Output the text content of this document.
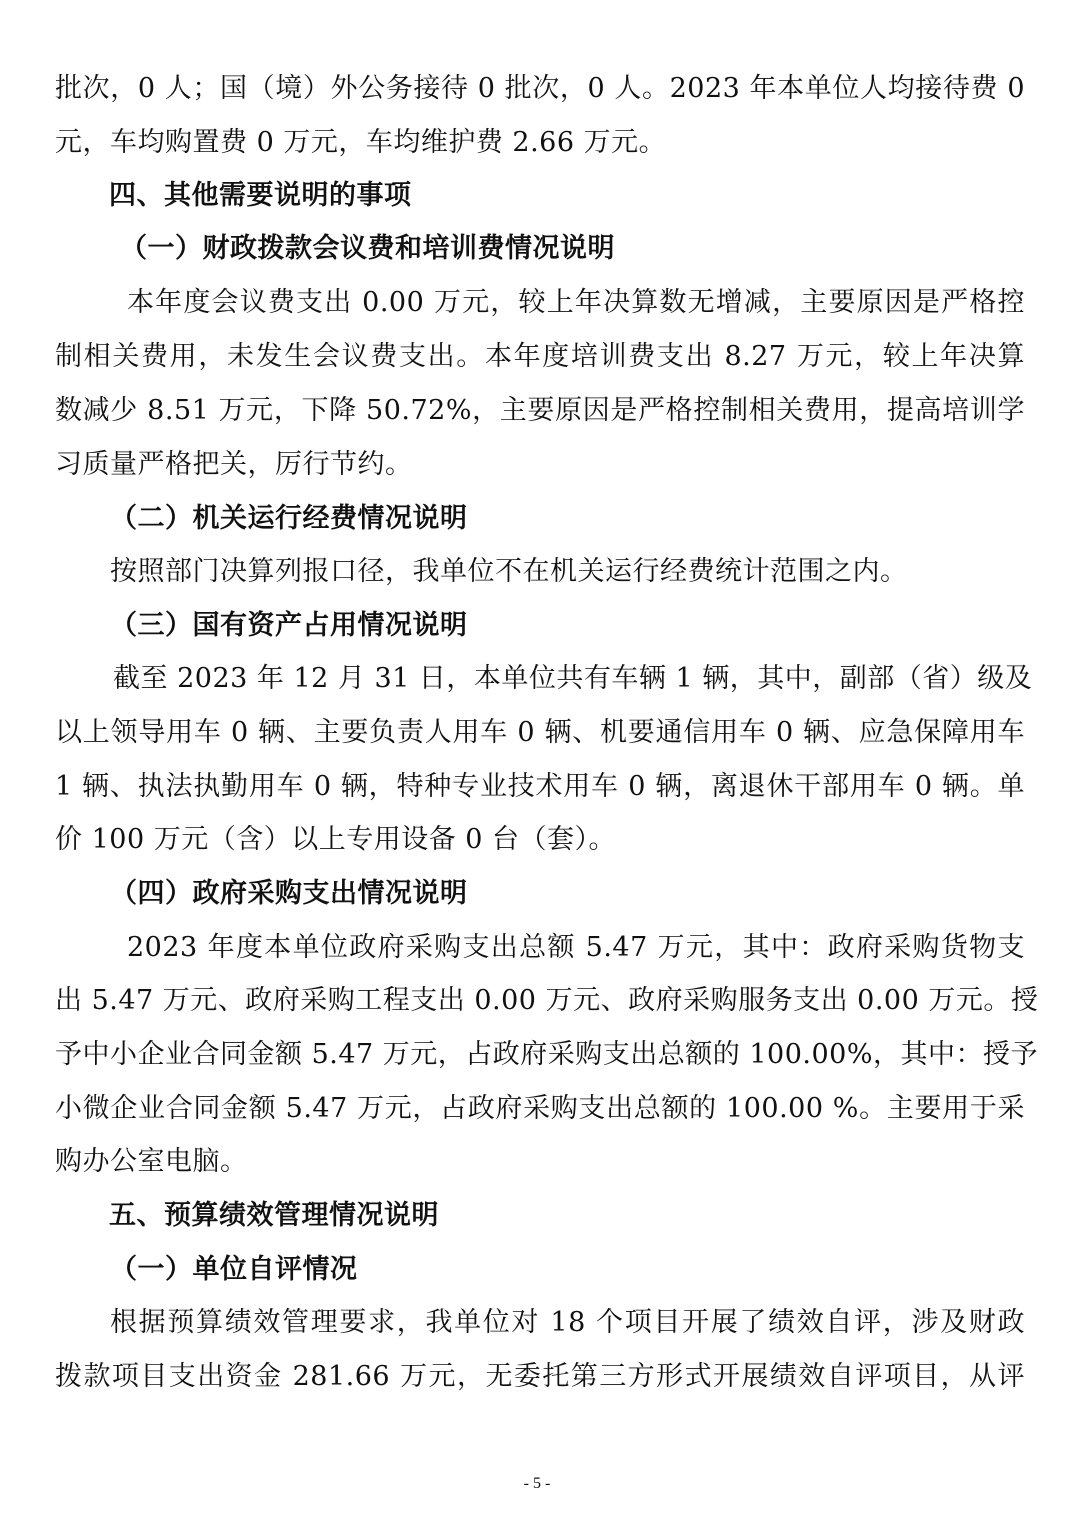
批次，0 人；国（境）外公务接待 0 批次，0 人。2023 年本单位人均接待费 0
元，车均购置费 0 万元，车均维护费 2.66 万元。
四、其他需要说明的事项
（一）财政拨款会议费和培训费情况说明
本年度会议费支出 0.00 万元，较上年决算数无增减，主要原因是严格控
制相关费用，未发生会议费支出。本年度培训费支出 8.27 万元，较上年决算
数减少 8.51 万元，下降 50.72%，主要原因是严格控制相关费用，提高培训学
习质量严格把关，厉行节约。
（二）机关运行经费情况说明
按照部门决算列报口径，我单位不在机关运行经费统计范围之内。
（三）国有资产占用情况说明
截至 2023 年 12 月 31 日，本单位共有车辆 1 辆，其中，副部（省）级及
以上领导用车 0 辆、主要负责人用车 0 辆、机要通信用车 0 辆、应急保障用车
1 辆、执法执勤用车 0 辆，特种专业技术用车 0 辆，离退休干部用车 0 辆。单
价 100 万元（含）以上专用设备 0 台（套）。
（四）政府采购支出情况说明
2023 年度本单位政府采购支出总额 5.47 万元，其中：政府采购货物支
出 5.47 万元、政府采购工程支出 0.00 万元、政府采购服务支出 0.00 万元。授
予中小企业合同金额 5.47 万元，占政府采购支出总额的 100.00%，其中：授予
小微企业合同金额 5.47 万元，占政府采购支出总额的 100.00 %。主要用于采
购办公室电脑。
五、预算绩效管理情况说明
（一）单位自评情况
根据预算绩效管理要求，我单位对 18 个项目开展了绩效自评，涉及财政
拨款项目支出资金 281.66 万元，无委托第三方形式开展绩效自评项目，从评
- 5 -
